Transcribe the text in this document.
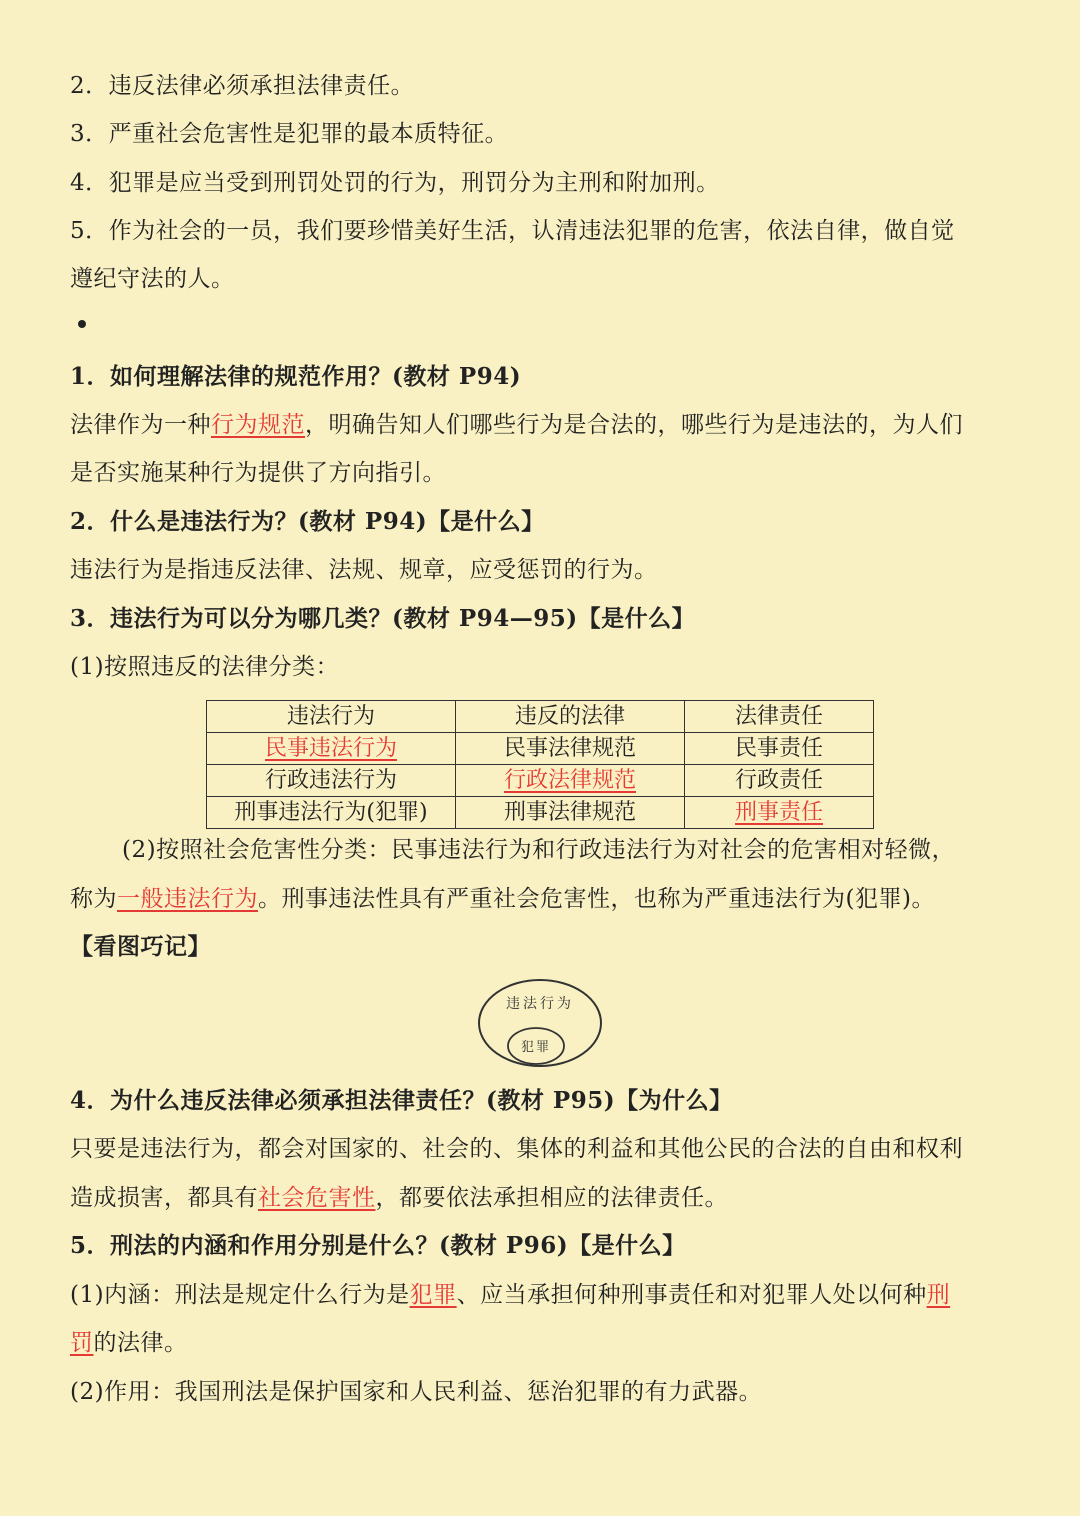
2．违反法律必须承担法律责任。
3．严重社会危害性是犯罪的最本质特征。
4．犯罪是应当受到刑罚处罚的行为，刑罚分为主刑和附加刑。
5．作为社会的一员，我们要珍惜美好生活，认清违法犯罪的危害，依法自律，做自觉
遵纪守法的人。
1．如何理解法律的规范作用？(教材 P94)
法律作为一种行为规范，明确告知人们哪些行为是合法的，哪些行为是违法的，为人们
是否实施某种行为提供了方向指引。
2．什么是违法行为？(教材 P94)【是什么】
违法行为是指违反法律、法规、规章，应受惩罚的行为。
3．违法行为可以分为哪几类？(教材 P94—95)【是什么】
(1)按照违反的法律分类：
违法行为	违反的法律	法律责任
民事违法行为	民事法律规范	民事责任
行政违法行为	行政法律规范	行政责任
刑事违法行为(犯罪)	刑事法律规范	刑事责任
(2)按照社会危害性分类：民事违法行为和行政违法行为对社会的危害相对轻微，
称为一般违法行为。刑事违法性具有严重社会危害性，也称为严重违法行为(犯罪)。
【看图巧记】
违法行为
犯罪
4．为什么违反法律必须承担法律责任？(教材 P95)【为什么】
只要是违法行为，都会对国家的、社会的、集体的利益和其他公民的合法的自由和权利
造成损害，都具有社会危害性，都要依法承担相应的法律责任。
5．刑法的内涵和作用分别是什么？(教材 P96)【是什么】
(1)内涵：刑法是规定什么行为是犯罪、应当承担何种刑事责任和对犯罪人处以何种刑
罚的法律。
(2)作用：我国刑法是保护国家和人民利益、惩治犯罪的有力武器。
